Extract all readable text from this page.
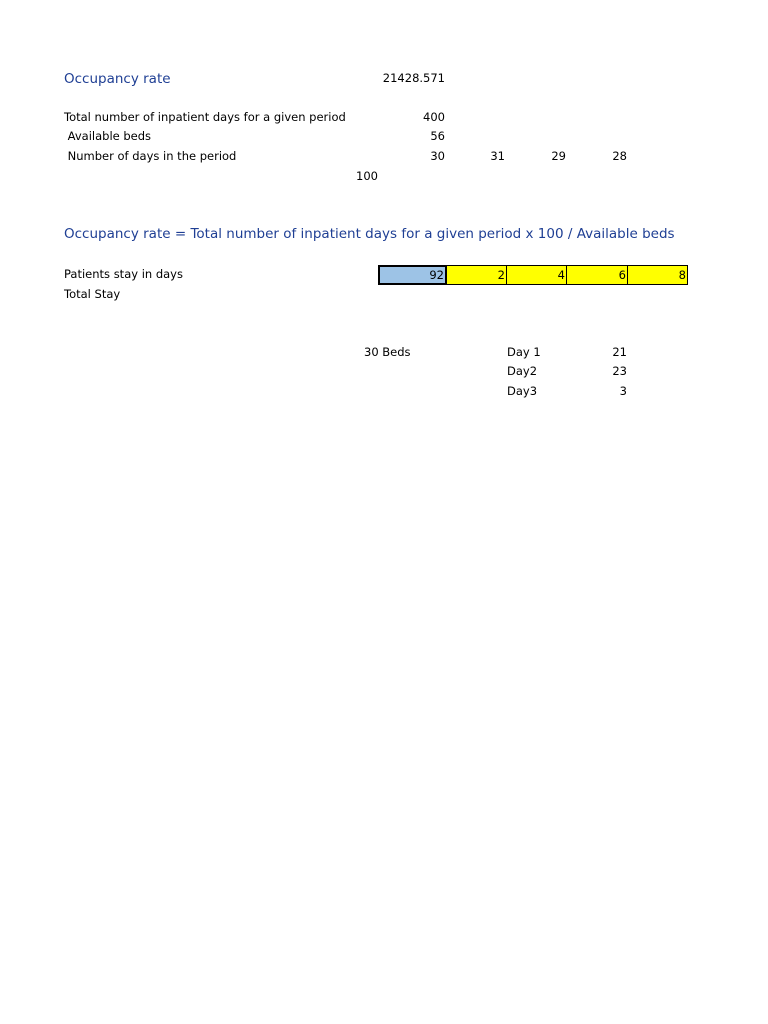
Occupancy rate	21428.571
Total number of inpatient days for a given period	400
Available beds	56
Number of days in the period	30	31	29	28
100
Occupancy rate = Total number of inpatient days for a given period x 100 / Available beds
Patients stay in days	92	2	4	6	8
Total Stay
30 Beds	Day 1	21
Day2	23
Day3	3
